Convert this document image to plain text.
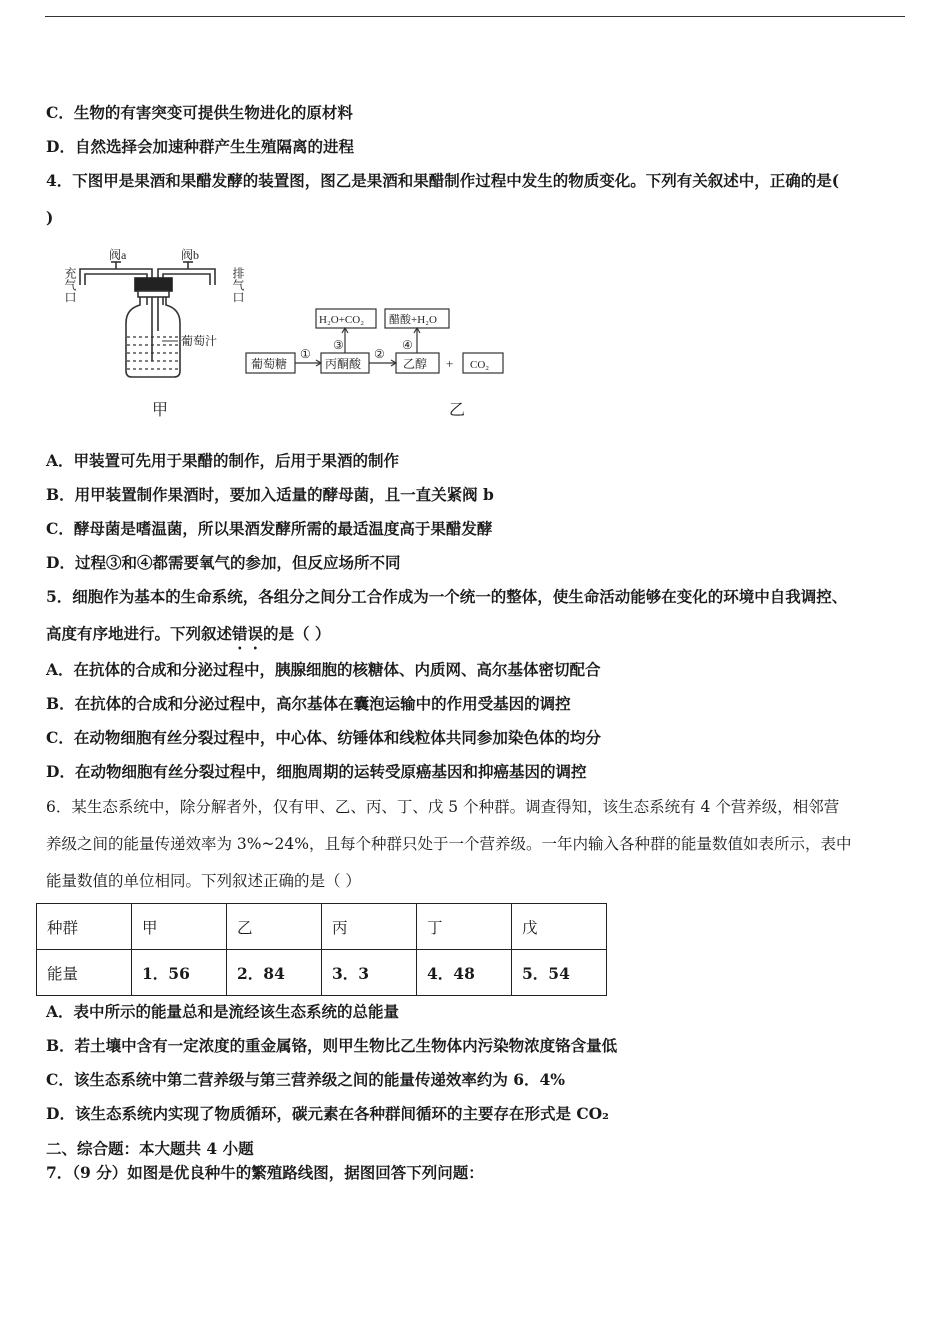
C．生物的有害突变可提供生物进化的原材料
D．自然选择会加速种群产生生殖隔离的进程
4．下图甲是果酒和果醋发酵的装置图，图乙是果酒和果醋制作过程中发生的物质变化。下列有关叙述中，正确的是(
)
阀a	阀b
充气口	排气口
葡萄汁
甲
葡萄糖
①
丙酮酸
②
乙醇 + CO₂
③
H₂O+CO₂
④
醋酸+H₂O
乙
A．甲装置可先用于果醋的制作，后用于果酒的制作
B．用甲装置制作果酒时，要加入适量的酵母菌，且一直关紧阀 b
C．酵母菌是嗜温菌，所以果酒发酵所需的最适温度高于果醋发酵
D．过程③和④都需要氧气的参加，但反应场所不同
5．细胞作为基本的生命系统，各组分之间分工合作成为一个统一的整体，使生命活动能够在变化的环境中自我调控、
高度有序地进行。下列叙述错误的是（ ）
A．在抗体的合成和分泌过程中，胰腺细胞的核糖体、内质网、高尔基体密切配合
B．在抗体的合成和分泌过程中，高尔基体在囊泡运输中的作用受基因的调控
C．在动物细胞有丝分裂过程中，中心体、纺锤体和线粒体共同参加染色体的均分
D．在动物细胞有丝分裂过程中，细胞周期的运转受原癌基因和抑癌基因的调控
6．某生态系统中，除分解者外，仅有甲、乙、丙、丁、戊 5 个种群。调查得知，该生态系统有 4 个营养级，相邻营
养级之间的能量传递效率为 3%~24%，且每个种群只处于一个营养级。一年内输入各种群的能量数值如表所示，表中
能量数值的单位相同。下列叙述正确的是（ ）
种群	甲	乙	丙	丁	戊
能量	1．56	2．84	3．3	4．48	5．54
A．表中所示的能量总和是流经该生态系统的总能量
B．若土壤中含有一定浓度的重金属铬，则甲生物比乙生物体内污染物浓度铬含量低
C．该生态系统中第二营养级与第三营养级之间的能量传递效率约为 6．4%
D．该生态系统内实现了物质循环，碳元素在各种群间循环的主要存在形式是 CO₂
二、综合题：本大题共 4 小题
7．（9 分）如图是优良种牛的繁殖路线图，据图回答下列问题：
